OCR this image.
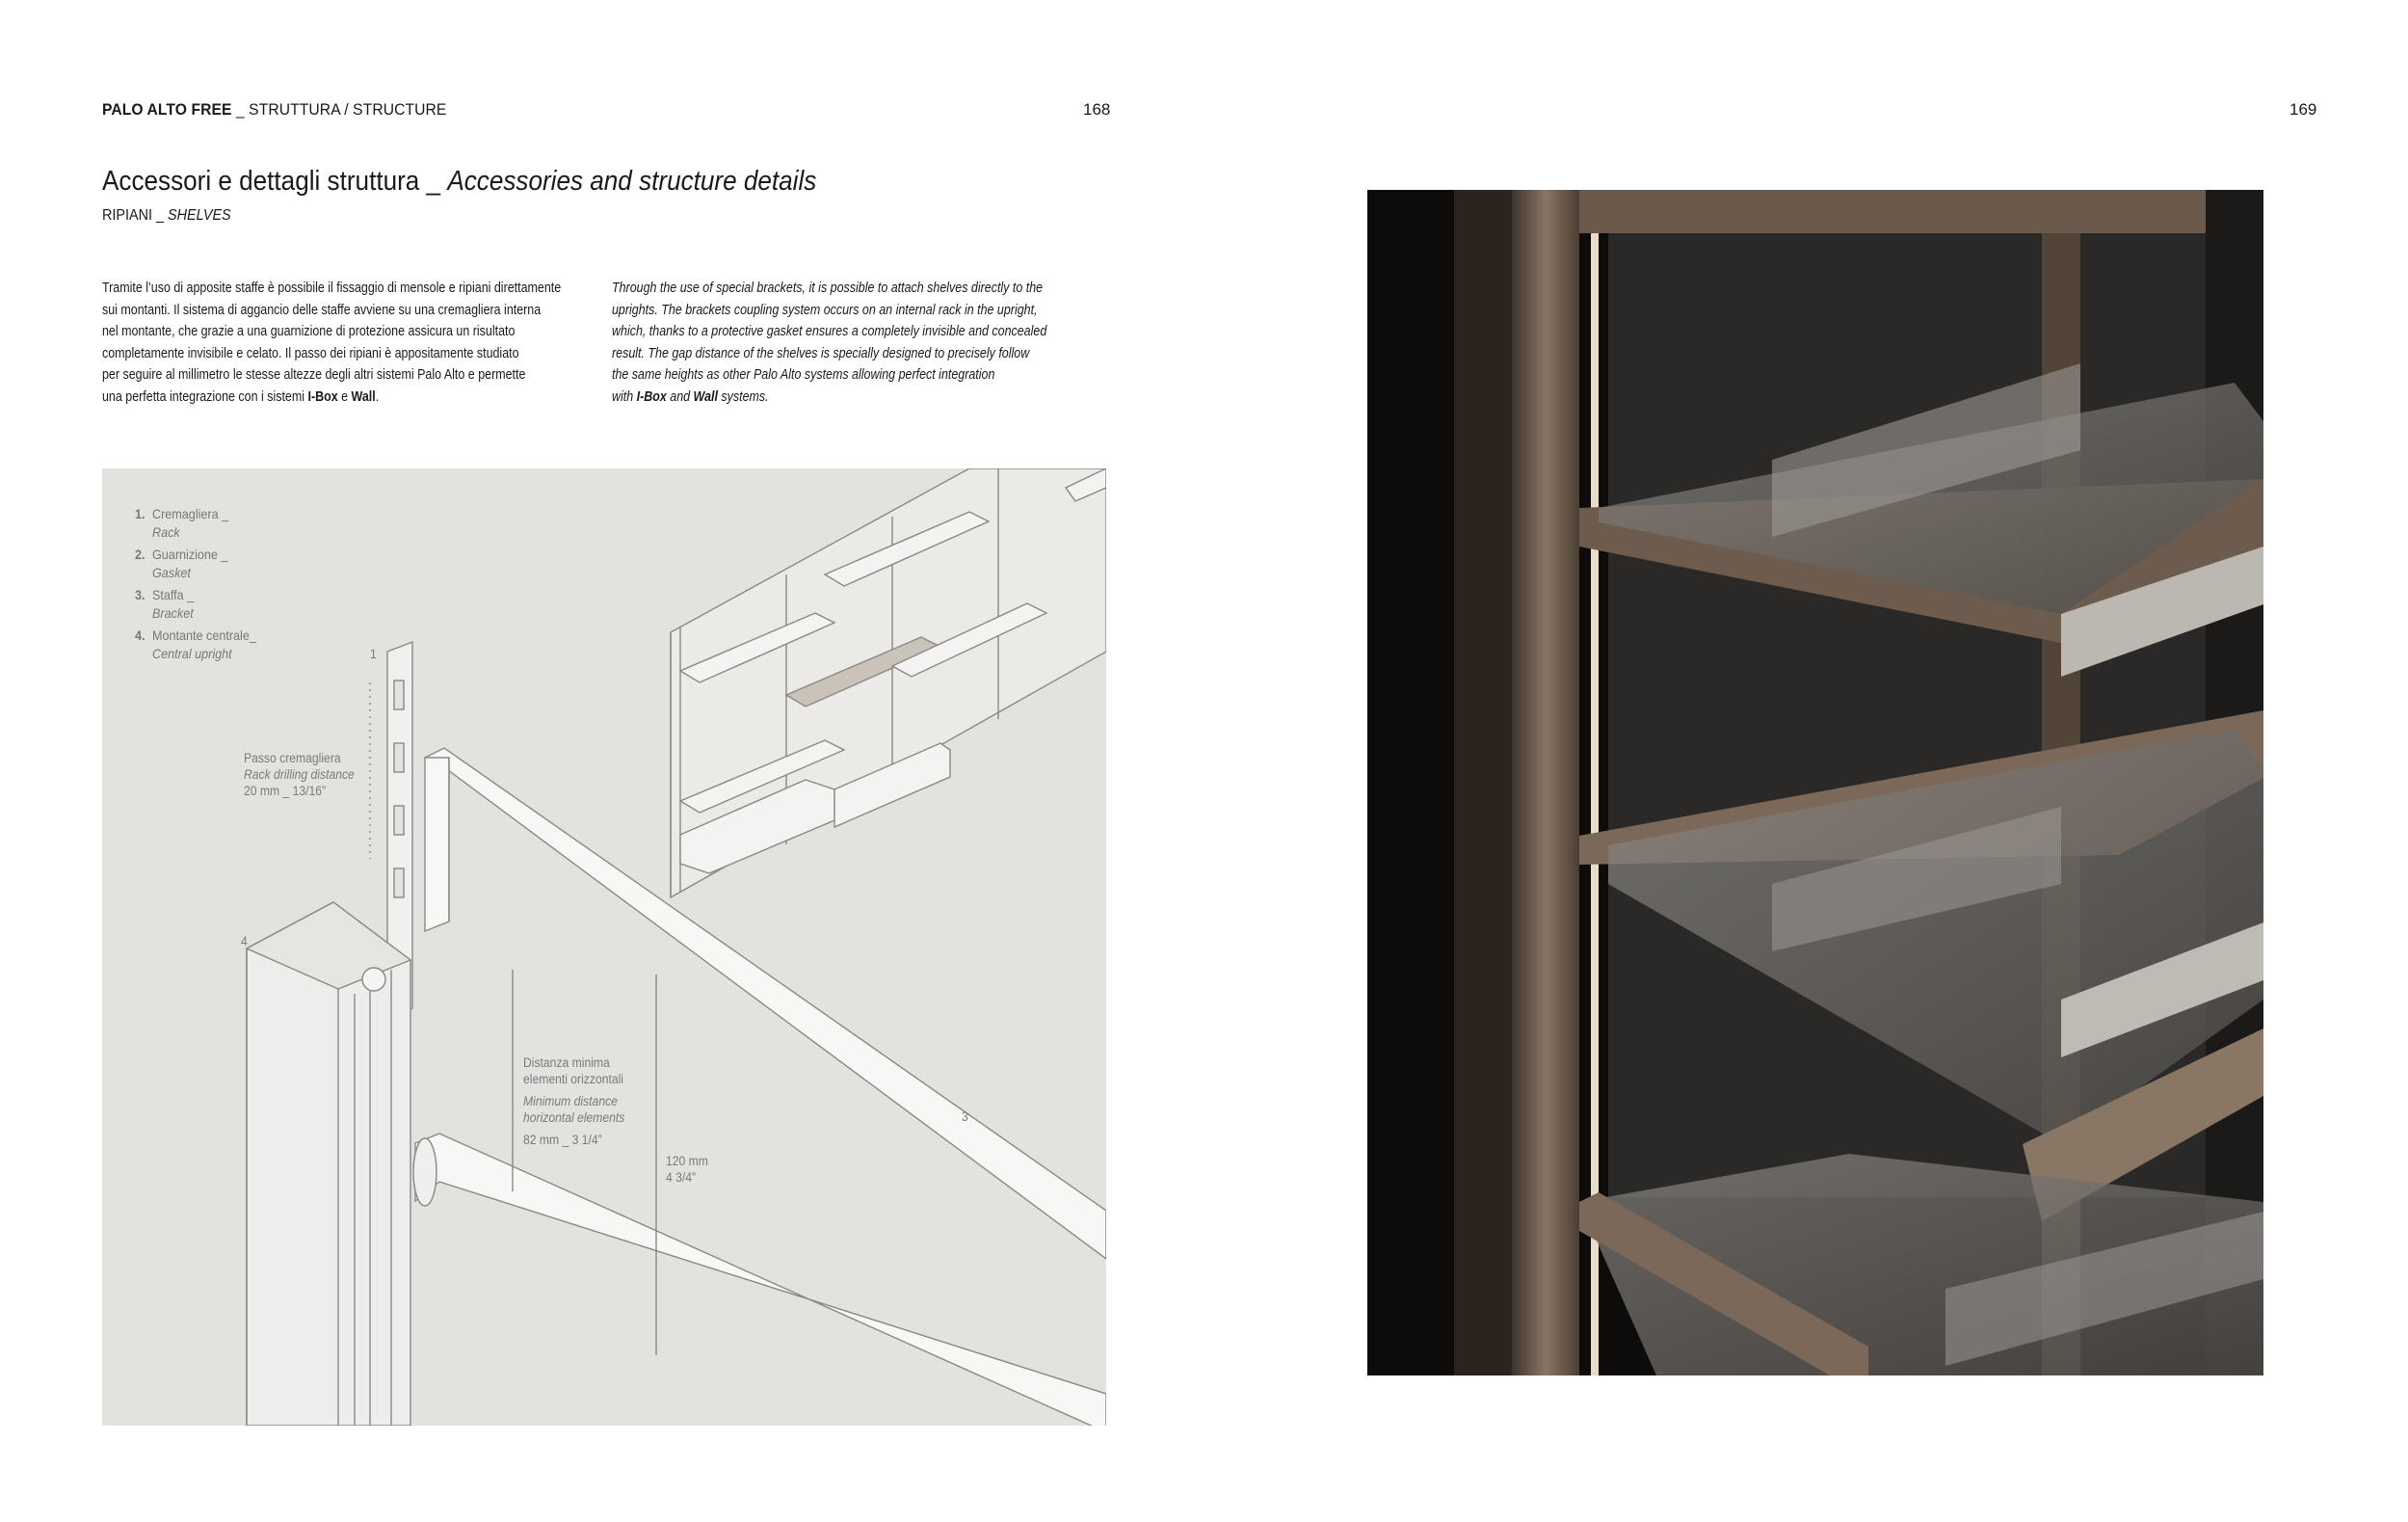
PALO ALTO FREE _ STRUTTURA / STRUCTURE	168	169
Accessori e dettagli struttura _ Accessories and structure details
RIPIANI _ SHELVES
Tramite l’uso di apposite staffe è possibile il fissaggio di mensole e ripiani direttamente
sui montanti. Il sistema di aggancio delle staffe avviene su una cremagliera interna
nel montante, che grazie a una guarnizione di protezione assicura un risultato
completamente invisibile e celato. Il passo dei ripiani è appositamente studiato
per seguire al millimetro le stesse altezze degli altri sistemi Palo Alto e permette
una perfetta integrazione con i sistemi I-Box e Wall.
Through the use of special brackets, it is possible to attach shelves directly to the
uprights. The brackets coupling system occurs on an internal rack in the upright,
which, thanks to a protective gasket ensures a completely invisible and concealed
result. The gap distance of the shelves is specially designed to precisely follow
the same heights as other Palo Alto systems allowing perfect integration
with I-Box and Wall systems.
1. Cremagliera _
Rack
2. Guarnizione _
Gasket
3. Staffa _
Bracket
4. Montante centrale_
Central upright	1
4
3
Passo cremagliera
Rack drilling distance
20 mm _ 13/16”
Distanza minima
elementi orizzontali
Minimum distance
horizontal elements
82 mm _ 3 1/4”
120 mm
4 3/4”
